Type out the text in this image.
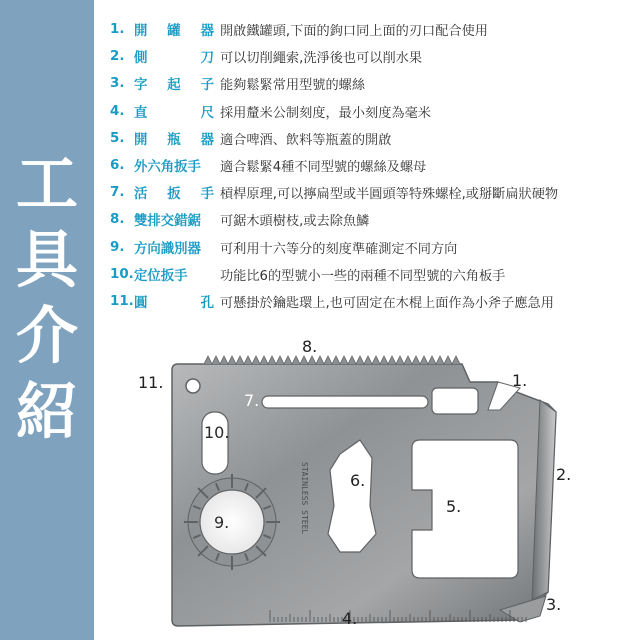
工
具
介
紹
1. 開 罐 器 開啟鐵罐頭,下面的鉤口同上面的刃口配合使用
2. 側	刀 可以切削繩索,洗淨後也可以削水果
3. 字 起 子 能夠鬆緊常用型號的螺絲
4. 直	尺 採用釐米公制刻度，最小刻度為毫米
5. 開 瓶 器 適合啤酒、飲料等瓶蓋的開啟
6. 外六角扳手	適合鬆緊4種不同型號的螺絲及螺母
7. 活 扳 手 槓桿原理,可以擰扁型或半圓頭等特殊螺栓,或掰斷扁狀硬物
8. 雙排交錯鋸	可鋸木頭樹枝,或去除魚鱗
9. 方向識別器	可利用十六等分的刻度準確測定不同方向
10. 定位扳手	功能比6的型號小一些的兩種不同型號的六角板手
11. 圓	孔 可懸掛於鑰匙環上,也可固定在木棍上面作為小斧子應急用
STAINLESS STEEL
1.
2.
3.
4.
5.
6.
7.
8.
9.
10.
11.
